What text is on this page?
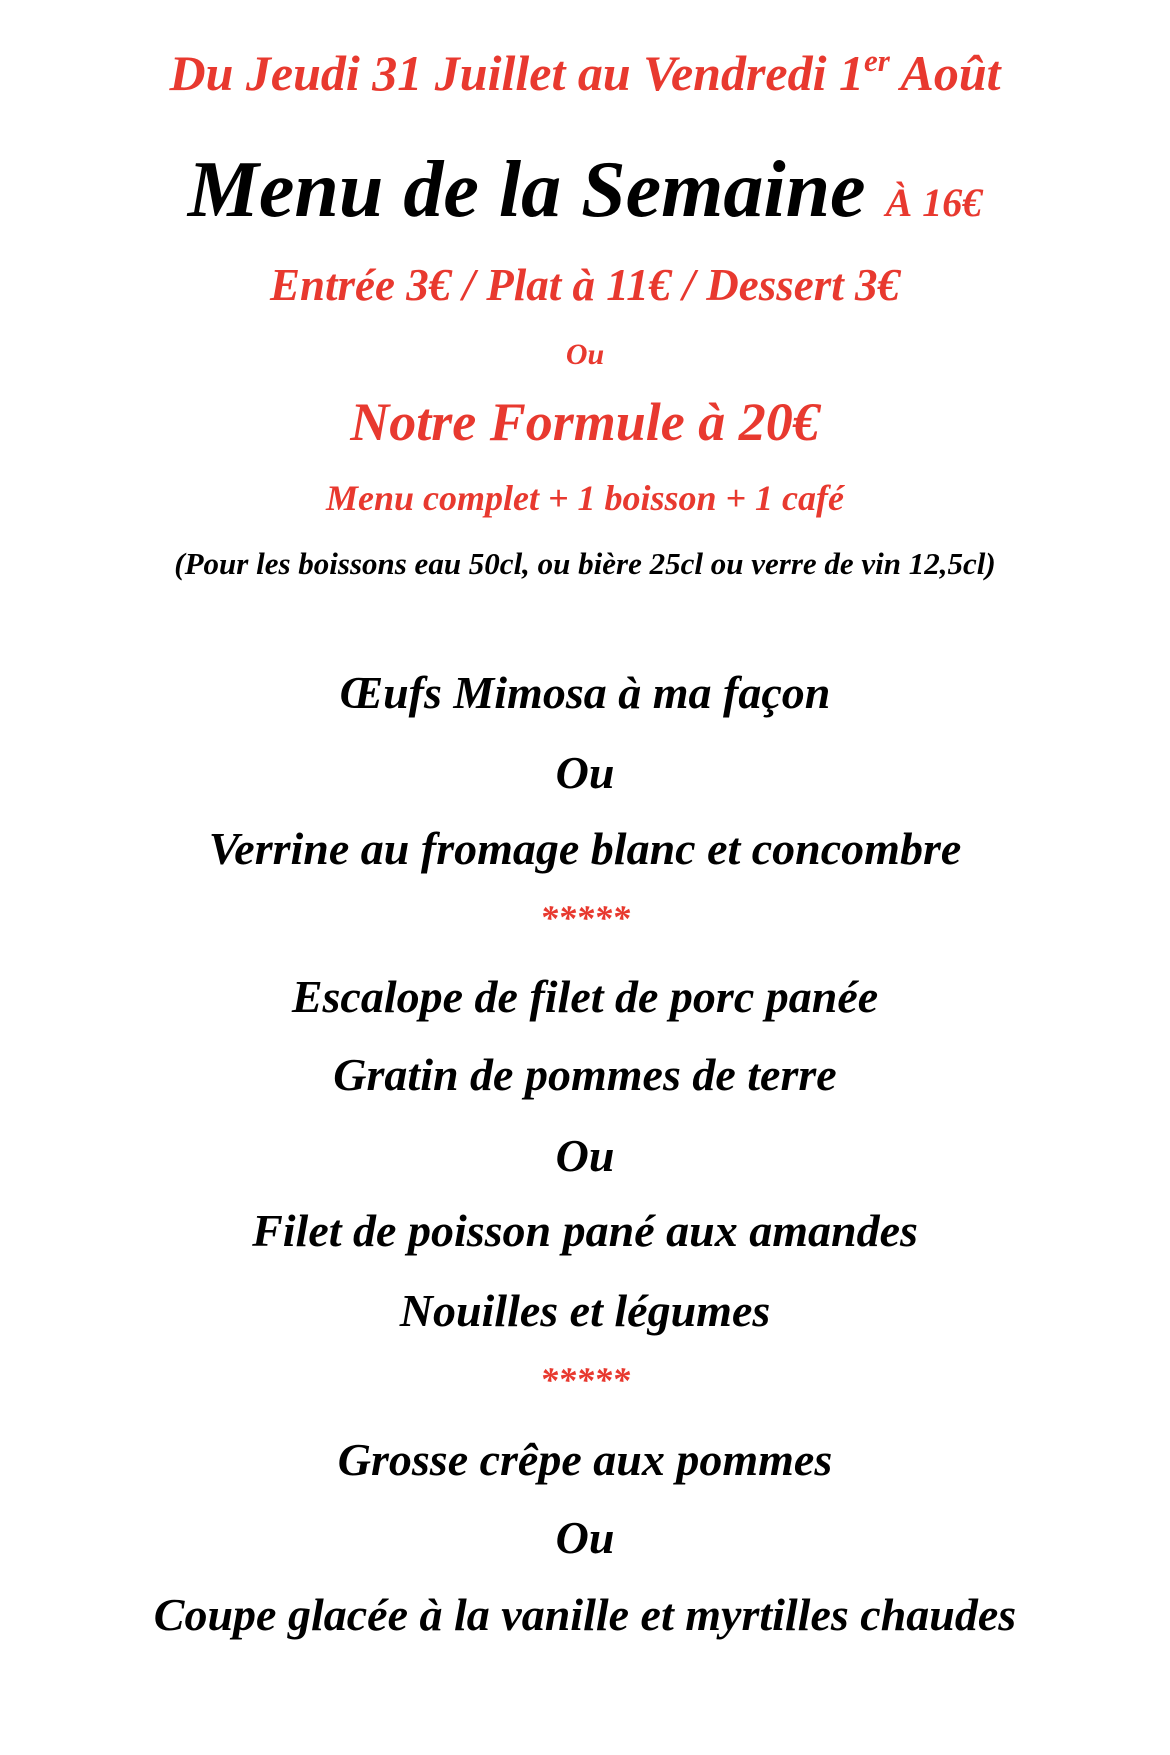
Du Jeudi 31 Juillet au Vendredi 1er Août
Menu de la Semaine À 16€
Entrée 3€ / Plat à 11€ / Dessert 3€
Ou
Notre Formule à 20€
Menu complet + 1 boisson + 1 café
(Pour les boissons eau 50cl, ou bière 25cl ou verre de vin 12,5cl)
Œufs Mimosa à ma façon
Ou
Verrine au fromage blanc et concombre
*****
Escalope de filet de porc panée
Gratin de pommes de terre
Ou
Filet de poisson pané aux amandes
Nouilles et légumes
*****
Grosse crêpe aux pommes
Ou
Coupe glacée à la vanille et myrtilles chaudes
